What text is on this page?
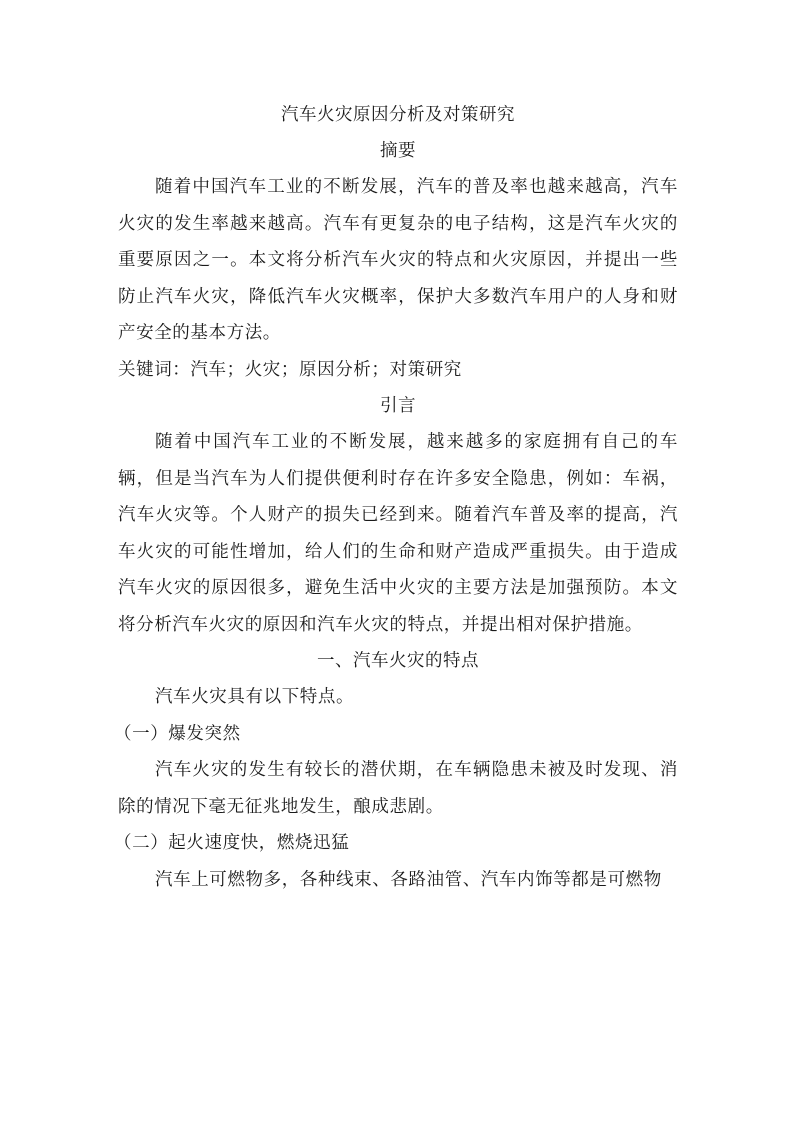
汽车火灾原因分析及对策研究

摘要

随着中国汽车工业的不断发展，汽车的普及率也越来越高，汽车火灾的发生率越来越高。汽车有更复杂的电子结构，这是汽车火灾的重要原因之一。本文将分析汽车火灾的特点和火灾原因，并提出一些防止汽车火灾，降低汽车火灾概率，保护大多数汽车用户的人身和财产安全的基本方法。

关键词：汽车；火灾；原因分析；对策研究

引言

随着中国汽车工业的不断发展，越来越多的家庭拥有自己的车辆，但是当汽车为人们提供便利时存在许多安全隐患，例如：车祸，汽车火灾等。个人财产的损失已经到来。随着汽车普及率的提高，汽车火灾的可能性增加，给人们的生命和财产造成严重损失。由于造成汽车火灾的原因很多，避免生活中火灾的主要方法是加强预防。本文将分析汽车火灾的原因和汽车火灾的特点，并提出相对保护措施。

一、汽车火灾的特点

汽车火灾具有以下特点。

（一）爆发突然

汽车火灾的发生有较长的潜伏期，在车辆隐患未被及时发现、消除的情况下毫无征兆地发生，酿成悲剧。

（二）起火速度快，燃烧迅猛

汽车上可燃物多，各种线束、各路油管、汽车内饰等都是可燃物
